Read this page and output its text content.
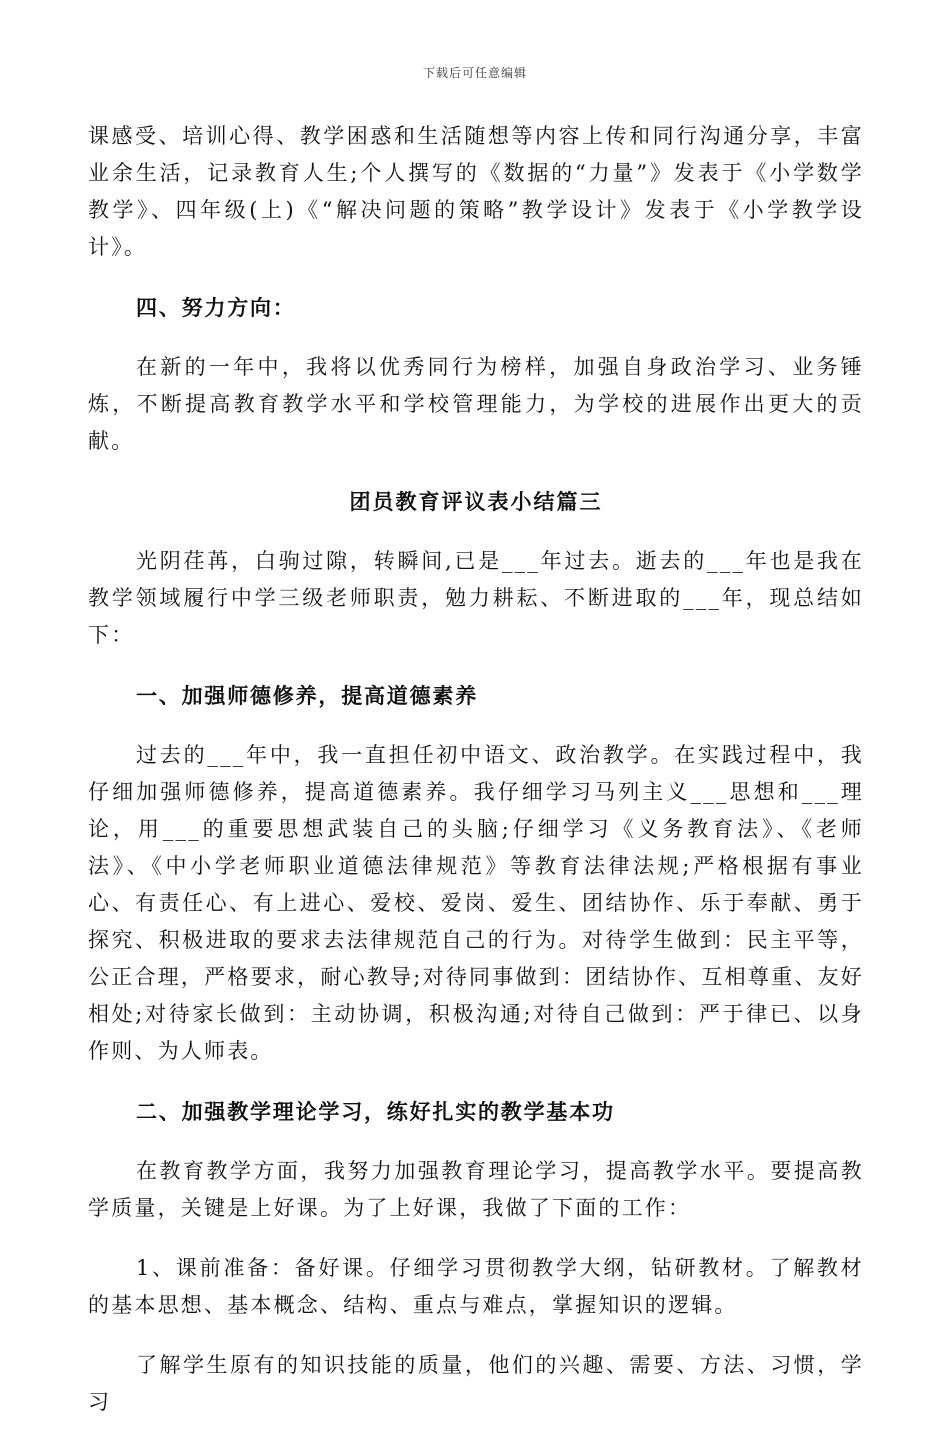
下载后可任意编辑

课感受、培训心得、教学困惑和生活随想等内容上传和同行沟通分享，丰富业余生活，记录教育人生;个人撰写的《数据的“力量”》发表于《小学数学教学》、四年级(上)《“解决问题的策略”教学设计》发表于《小学教学设计》。

四、努力方向：

在新的一年中，我将以优秀同行为榜样，加强自身政治学习、业务锤炼，不断提高教育教学水平和学校管理能力，为学校的进展作出更大的贡献。

团员教育评议表小结篇三

光阴荏苒，白驹过隙，转瞬间,已是___年过去。逝去的___年也是我在教学领域履行中学三级老师职责，勉力耕耘、不断进取的___年，现总结如下：

一、加强师德修养，提高道德素养

过去的___年中，我一直担任初中语文、政治教学。在实践过程中，我仔细加强师德修养，提高道德素养。我仔细学习马列主义___思想和___理论，用___的重要思想武装自己的头脑;仔细学习《义务教育法》、《老师法》、《中小学老师职业道德法律规范》等教育法律法规;严格根据有事业心、有责任心、有上进心、爱校、爱岗、爱生、团结协作、乐于奉献、勇于探究、积极进取的要求去法律规范自己的行为。对待学生做到：民主平等，公正合理，严格要求，耐心教导;对待同事做到：团结协作、互相尊重、友好相处;对待家长做到：主动协调，积极沟通;对待自己做到：严于律已、以身作则、为人师表。

二、加强教学理论学习，练好扎实的教学基本功

在教育教学方面，我努力加强教育理论学习，提高教学水平。要提高教学质量，关键是上好课。为了上好课，我做了下面的工作：

1、课前准备：备好课。仔细学习贯彻教学大纲，钻研教材。了解教材的基本思想、基本概念、结构、重点与难点，掌握知识的逻辑。

了解学生原有的知识技能的质量，他们的兴趣、需要、方法、习惯，学习
